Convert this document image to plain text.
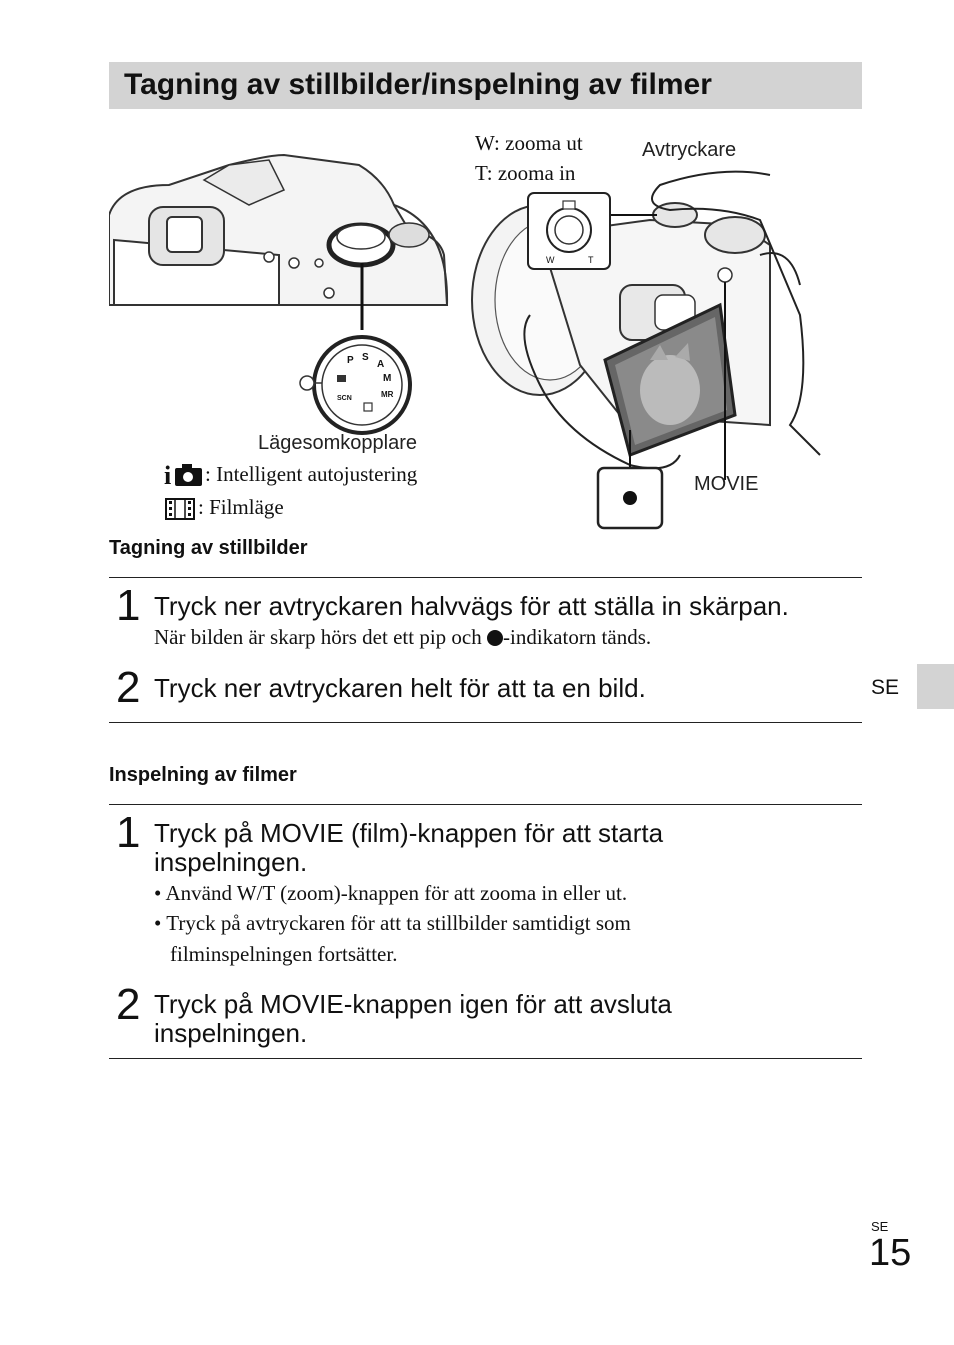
Tagning av stillbilder/inspelning av filmer
P S
A
M
MR
SCN
Lägesomkopplare
i : Intelligent autojustering
: Filmläge
W	T
W: zooma ut
T: zooma in
Avtryckare
MOVIE
Tagning av stillbilder
1 Tryck ner avtryckaren halvvägs för att ställa in skärpan.
När bilden är skarp hörs det ett pip och -indikatorn tänds.
2 Tryck ner avtryckaren helt för att ta en bild.
Inspelning av filmer
1 Tryck på MOVIE (film)-knappen för att starta
inspelningen.
• Använd W/T (zoom)-knappen för att zooma in eller ut.
• Tryck på avtryckaren för att ta stillbilder samtidigt som
filminspelningen fortsätter.
2 Tryck på MOVIE-knappen igen för att avsluta
inspelningen.
SE
SE
15
